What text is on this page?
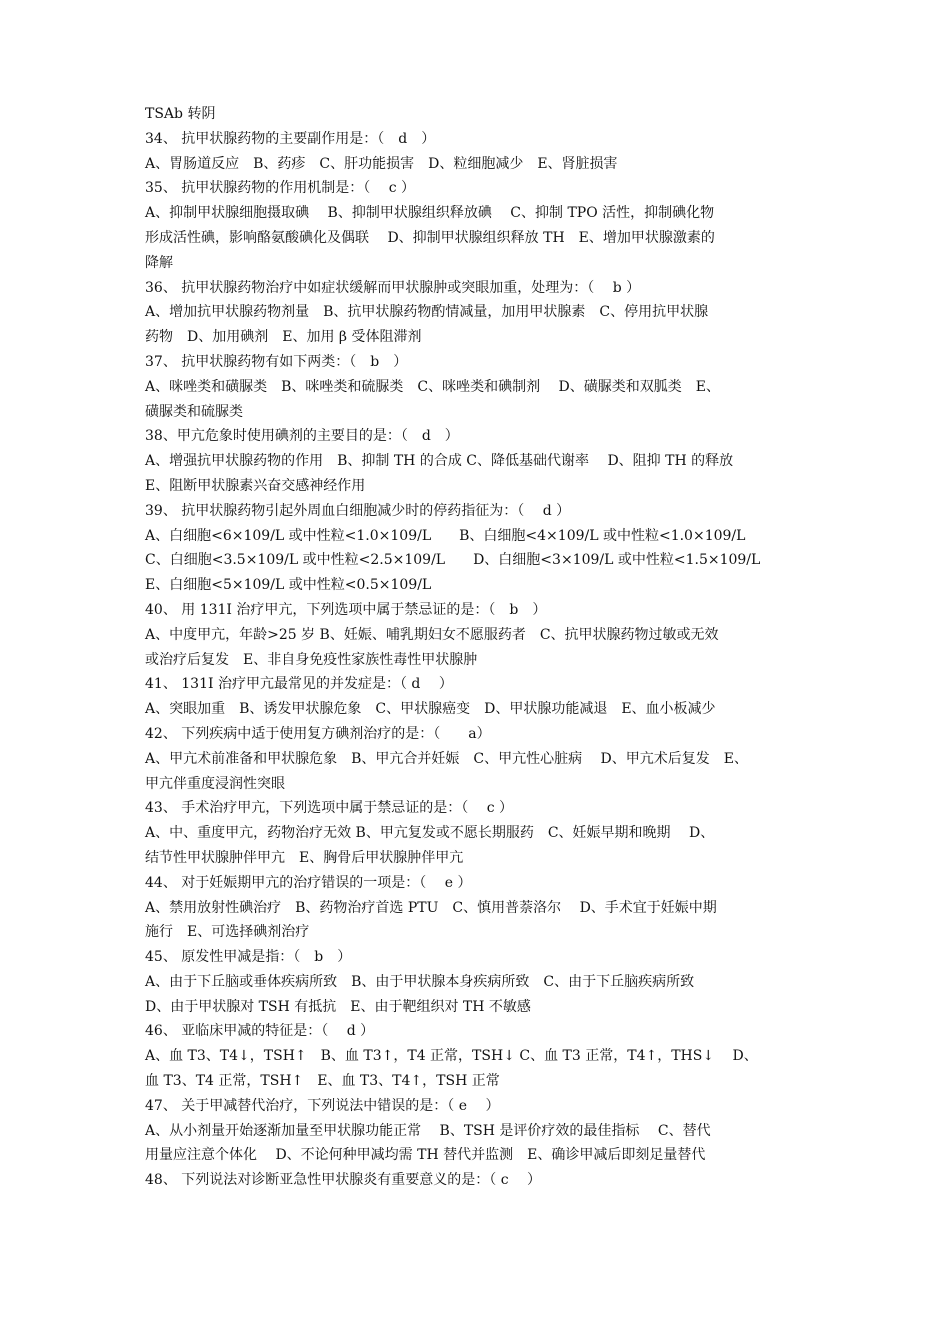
TSAb 转阴
34、 抗甲状腺药物的主要副作用是：（　d　）
A、胃肠道反应　B、药疹　C、肝功能损害　D、粒细胞减少　E、肾脏损害
35、 抗甲状腺药物的作用机制是：（　 c ）
A、抑制甲状腺细胞摄取碘　 B、抑制甲状腺组织释放碘　 C、抑制 TPO 活性，抑制碘化物
形成活性碘，影响酪氨酸碘化及偶联　 D、抑制甲状腺组织释放 TH　E、增加甲状腺激素的
降解
36、 抗甲状腺药物治疗中如症状缓解而甲状腺肿或突眼加重，处理为：（　 b ）
A、增加抗甲状腺药物剂量　B、抗甲状腺药物酌情减量，加用甲状腺素　C、停用抗甲状腺
药物　D、加用碘剂　E、加用 β 受体阻滞剂
37、 抗甲状腺药物有如下两类：（　b　）
A、咪唑类和磺脲类　B、咪唑类和硫脲类　C、咪唑类和碘制剂　 D、磺脲类和双胍类　E、
磺脲类和硫脲类
38、甲亢危象时使用碘剂的主要目的是：（　d　）
A、增强抗甲状腺药物的作用　B、抑制 TH 的合成 C、降低基础代谢率　 D、阻抑 TH 的释放
E、阻断甲状腺素兴奋交感神经作用
39、 抗甲状腺药物引起外周血白细胞减少时的停药指征为：（　 d ）
A、白细胞<6×109/L 或中性粒<1.0×109/L　　B、白细胞<4×109/L 或中性粒<1.0×109/L
C、白细胞<3.5×109/L 或中性粒<2.5×109/L　　D、白细胞<3×109/L 或中性粒<1.5×109/L
E、白细胞<5×109/L 或中性粒<0.5×109/L
40、 用 131I 治疗甲亢，下列选项中属于禁忌证的是：（　b　）
A、中度甲亢，年龄>25 岁 B、妊娠、哺乳期妇女不愿服药者　C、抗甲状腺药物过敏或无效
或治疗后复发　E、非自身免疫性家族性毒性甲状腺肿
41、 131I 治疗甲亢最常见的并发症是：（ d　 ）
A、突眼加重　B、诱发甲状腺危象　C、甲状腺癌变　D、甲状腺功能减退　E、血小板减少
42、 下列疾病中适于使用复方碘剂治疗的是：（　　a）
A、甲亢术前准备和甲状腺危象　B、甲亢合并妊娠　C、甲亢性心脏病　 D、甲亢术后复发　E、
甲亢伴重度浸润性突眼
43、 手术治疗甲亢，下列选项中属于禁忌证的是：（　 c ）
A、中、重度甲亢，药物治疗无效 B、甲亢复发或不愿长期服药　C、妊娠早期和晚期　 D、
结节性甲状腺肿伴甲亢　E、胸骨后甲状腺肿伴甲亢
44、 对于妊娠期甲亢的治疗错误的一项是：（　 e ）
A、禁用放射性碘治疗　B、药物治疗首选 PTU　C、慎用普萘洛尔　 D、手术宜于妊娠中期
施行　E、可选择碘剂治疗
45、 原发性甲减是指：（　b　）
A、由于下丘脑或垂体疾病所致　B、由于甲状腺本身疾病所致　C、由于下丘脑疾病所致
D、由于甲状腺对 TSH 有抵抗　E、由于靶组织对 TH 不敏感
46、 亚临床甲减的特征是：（　 d ）
A、血 T3、T4↓，TSH↑　B、血 T3↑，T4 正常，TSH↓ C、血 T3 正常，T4↑，THS↓　 D、
血 T3、T4 正常，TSH↑　E、血 T3、T4↑，TSH 正常
47、 关于甲减替代治疗，下列说法中错误的是：（ e　 ）
A、从小剂量开始逐渐加量至甲状腺功能正常　 B、TSH 是评价疗效的最佳指标　 C、替代
用量应注意个体化　 D、不论何种甲减均需 TH 替代并监测　E、确诊甲减后即刻足量替代
48、 下列说法对诊断亚急性甲状腺炎有重要意义的是：（ c　 ）
